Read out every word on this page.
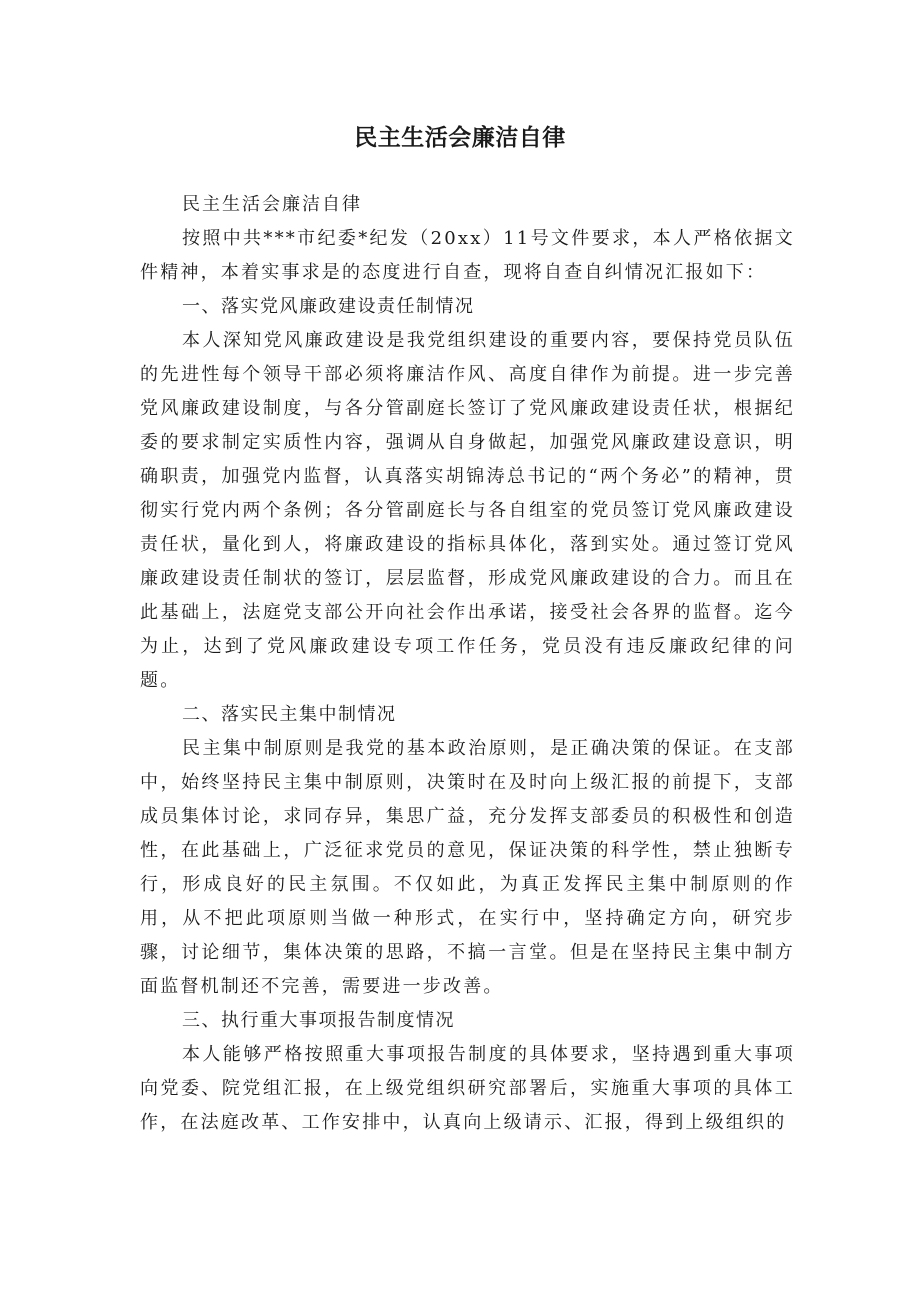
民主生活会廉洁自律

民主生活会廉洁自律

按照中共***市纪委*纪发（20xx）11号文件要求，本人严格依据文件精神，本着实事求是的态度进行自查，现将自查自纠情况汇报如下：

一、落实党风廉政建设责任制情况

本人深知党风廉政建设是我党组织建设的重要内容，要保持党员队伍的先进性每个领导干部必须将廉洁作风、高度自律作为前提。进一步完善党风廉政建设制度，与各分管副庭长签订了党风廉政建设责任状，根据纪委的要求制定实质性内容，强调从自身做起，加强党风廉政建设意识，明确职责，加强党内监督，认真落实胡锦涛总书记的“两个务必”的精神，贯彻实行党内两个条例；各分管副庭长与各自组室的党员签订党风廉政建设责任状，量化到人，将廉政建设的指标具体化，落到实处。通过签订党风廉政建设责任制状的签订，层层监督，形成党风廉政建设的合力。而且在此基础上，法庭党支部公开向社会作出承诺，接受社会各界的监督。迄今为止，达到了党风廉政建设专项工作任务，党员没有违反廉政纪律的问题。

二、落实民主集中制情况

民主集中制原则是我党的基本政治原则，是正确决策的保证。在支部中，始终坚持民主集中制原则，决策时在及时向上级汇报的前提下，支部成员集体讨论，求同存异，集思广益，充分发挥支部委员的积极性和创造性，在此基础上，广泛征求党员的意见，保证决策的科学性，禁止独断专行，形成良好的民主氛围。不仅如此，为真正发挥民主集中制原则的作用，从不把此项原则当做一种形式，在实行中，坚持确定方向，研究步骤，讨论细节，集体决策的思路，不搞一言堂。但是在坚持民主集中制方面监督机制还不完善，需要进一步改善。

三、执行重大事项报告制度情况

本人能够严格按照重大事项报告制度的具体要求，坚持遇到重大事项向党委、院党组汇报，在上级党组织研究部署后，实施重大事项的具体工作，在法庭改革、工作安排中，认真向上级请示、汇报，得到上级组织的
